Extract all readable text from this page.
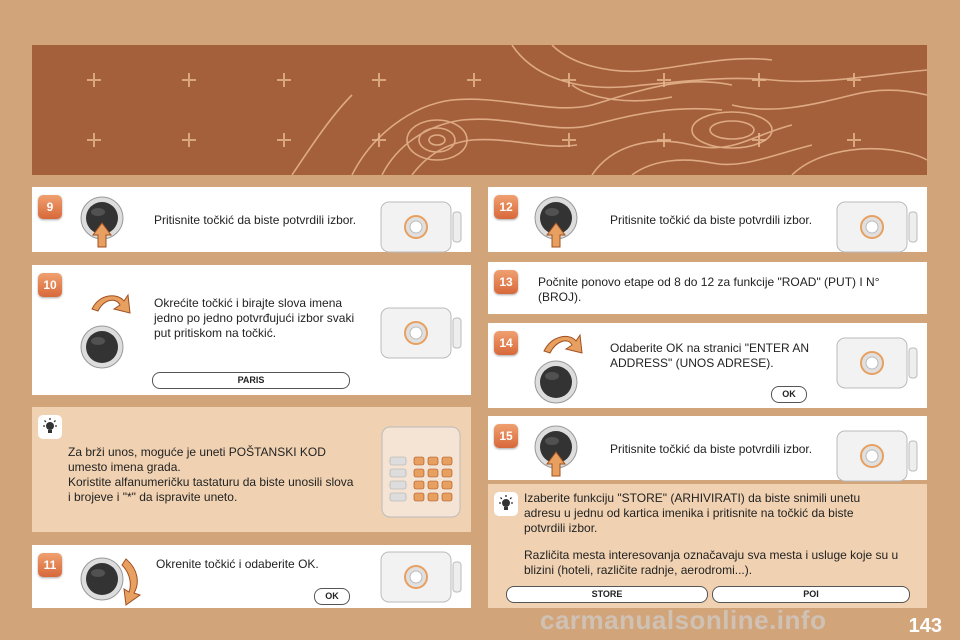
9
Pritisnite točkić da biste potvrdili izbor.
10
Okrećite točkić i birajte slova imena jedno po jedno potvrđujući izbor svaki put pritiskom na točkić.
PARIS
Za brži unos, moguće je uneti POŠTANSKI KOD umesto imena grada.
Koristite alfanumeričku tastaturu da biste unosili slova i brojeve i "*" da ispravite uneto.
11	Okrenite točkić i odaberite OK.
OK
12
Pritisnite točkić da biste potvrdili izbor.
13	Počnite ponovo etape od 8 do 12 za funkcije "ROAD" (PUT) I N°(BROJ).
14	Odaberite OK na stranici "ENTER AN ADDRESS" (UNOS ADRESE).
OK
15
Pritisnite točkić da biste potvrdili izbor.
Izaberite funkciju "STORE" (ARHIVIRATI) da biste snimili unetu adresu u jednu od kartica imenika i pritisnite na točkić da biste potvrdili izbor.
Različita mesta interesovanja označavaju sva mesta i usluge koje su u blizini (hoteli, različite radnje, aerodromi...).
STORE	POI
carmanualsonline.info	143
